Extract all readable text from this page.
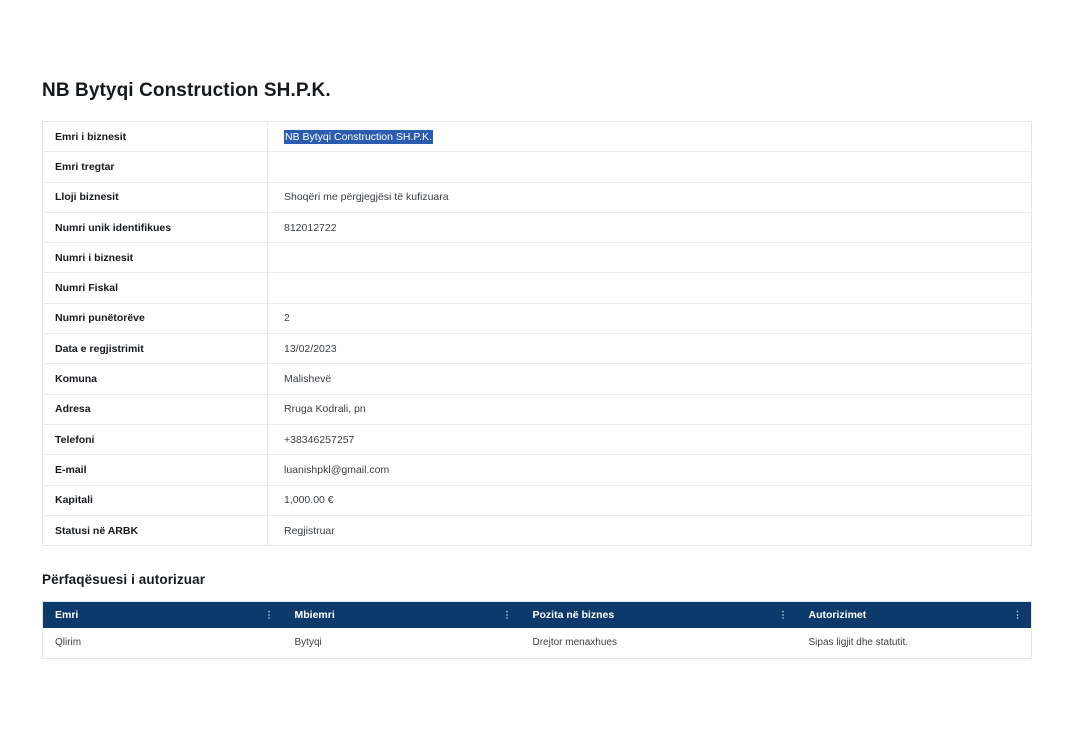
NB Bytyqi Construction SH.P.K.
Emri i biznesit	NB Bytyqi Construction SH.P.K.
Emri tregtar	
Lloji biznesit	Shoqëri me përgjegjësi të kufizuara
Numri unik identifikues	812012722
Numri i biznesit	
Numri Fiskal	
Numri punëtorëve	2
Data e regjistrimit	13/02/2023
Komuna	Malishevë
Adresa	Rruga Kodrali, pn
Telefoni	+38346257257
E-mail	luanishpkl@gmail.com
Kapitali	1,000.00 €
Statusi në ARBK	Regjistruar
Përfaqësuesi i autorizuar
Emri ⋮	Mbiemri ⋮	Pozita në biznes ⋮	Autorizimet ⋮

Qlirim	Bytyqi	Drejtor menaxhues	Sipas ligjit dhe statutit.
